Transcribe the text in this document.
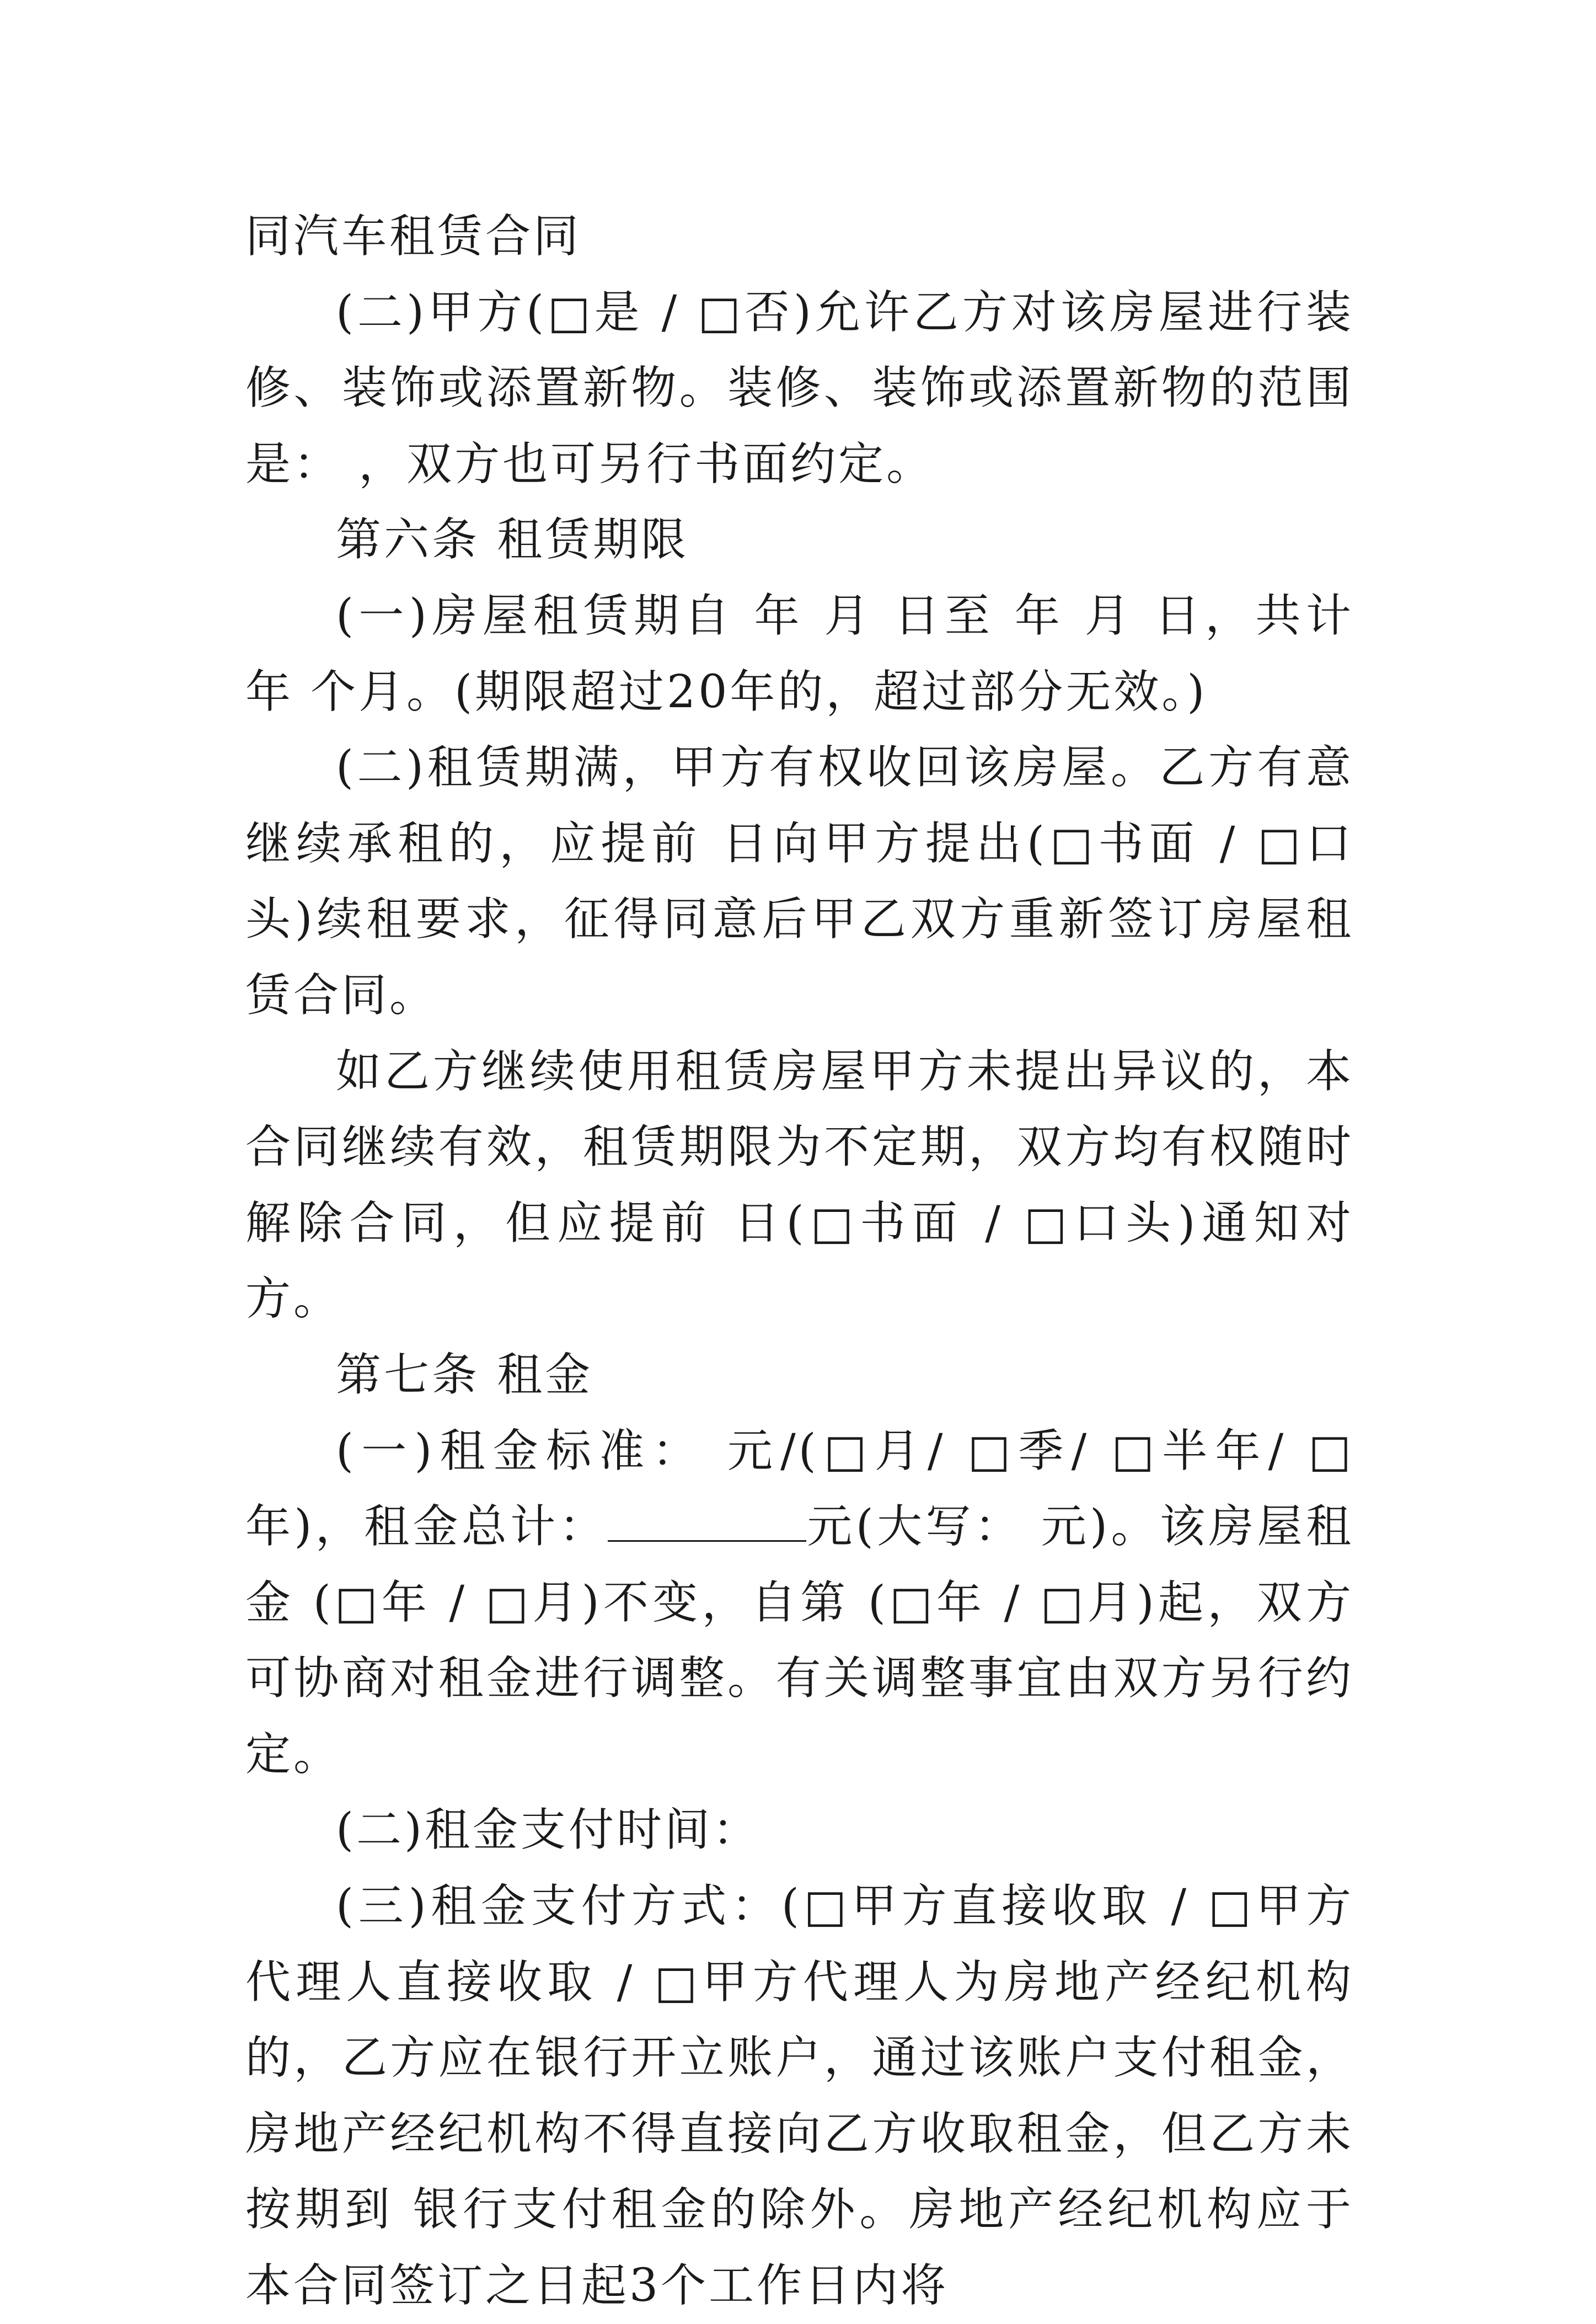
同汽车租赁合同

(二)甲方(□是 / □否)允许乙方对该房屋进行装修、装饰或添置新物。装修、装饰或添置新物的范围是： ，双方也可另行书面约定。

第六条 租赁期限

(一)房屋租赁期自 年 月 日至 年 月 日，共计 年 个月。(期限超过20年的，超过部分无效。)

(二)租赁期满，甲方有权收回该房屋。乙方有意继续承租的，应提前 日向甲方提出(□书面 / □口头)续租要求，征得同意后甲乙双方重新签订房屋租赁合同。

如乙方继续使用租赁房屋甲方未提出异议的，本合同继续有效，租赁期限为不定期，双方均有权随时解除合同，但应提前 日(□书面 / □口头)通知对方。

第七条 租金

(一)租金标准： 元/(□月/ □季/ □半年/ □年)，租金总计：	元(大写： 元)。该房屋租金 (□年 / □月)不变，自第 (□年 / □月)起，双方可协商对租金进行调整。有关调整事宜由双方另行约定。

(二)租金支付时间：

(三)租金支付方式：(□甲方直接收取 / □甲方代理人直接收取 / □甲方代理人为房地产经纪机构的，乙方应在银行开立账户，通过该账户支付租金，房地产经纪机构不得直接向乙方收取租金，但乙方未按期到 银行支付租金的除外。房地产经纪机构应于本合同签订之日起3个工作日内将
